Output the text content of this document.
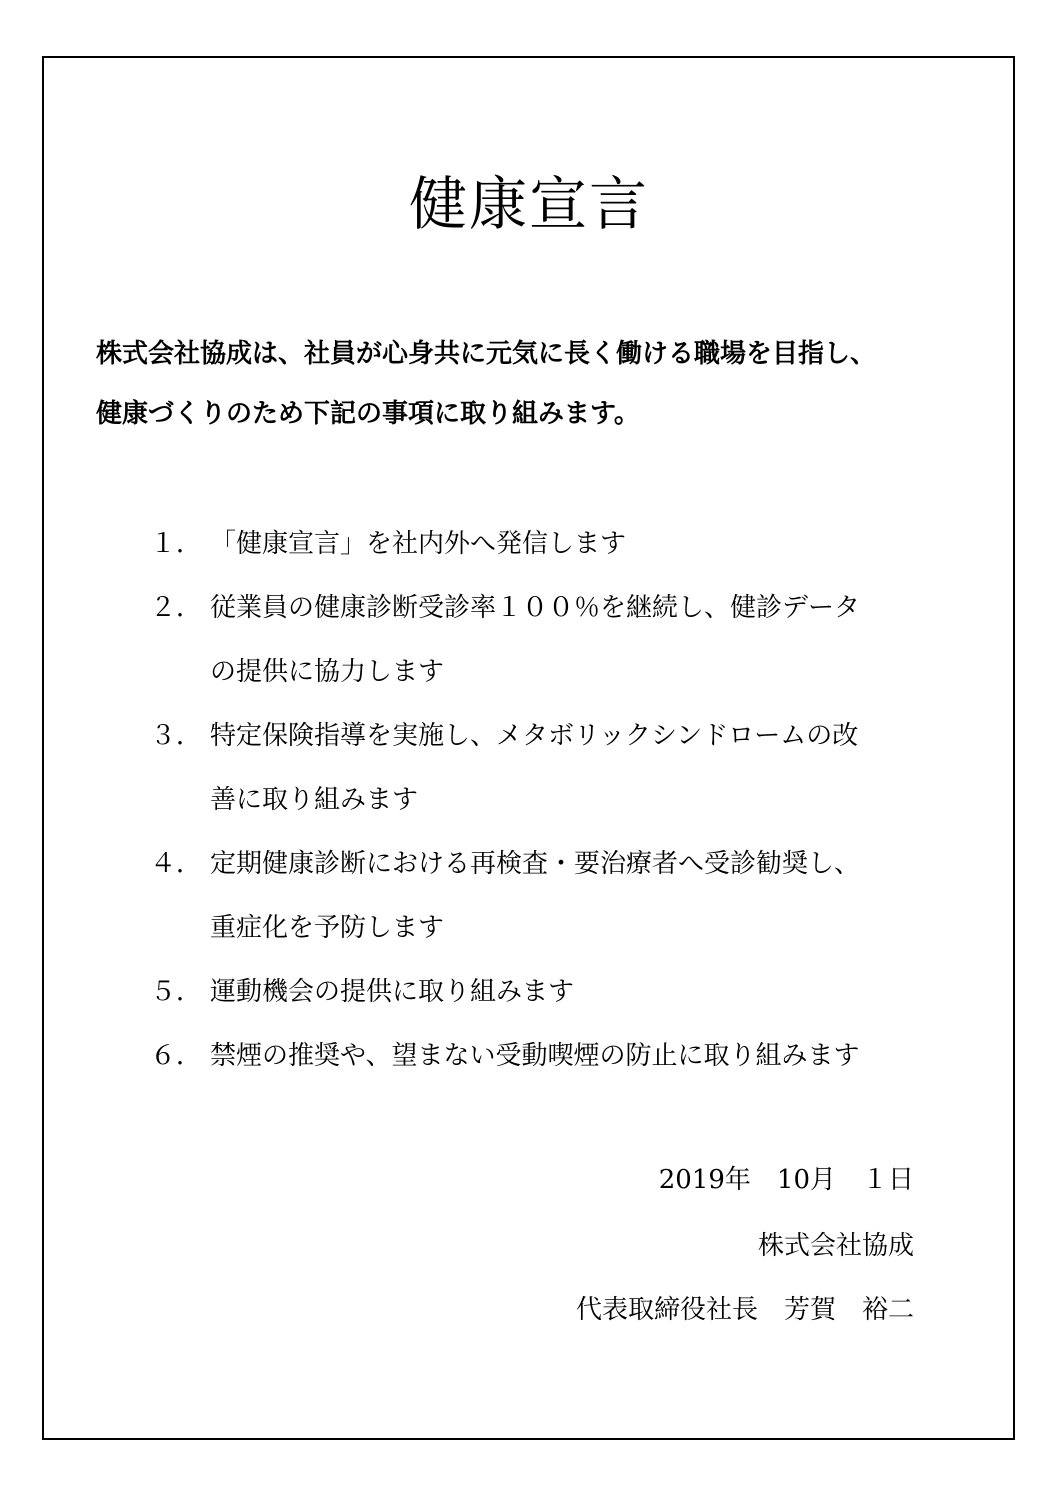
健康宣言
株式会社協成は、社員が心身共に元気に長く働ける職場を目指し、
健康づくりのため下記の事項に取り組みます。
１． 「健康宣言」を社内外へ発信します
２． 従業員の健康診断受診率１００％を継続し、健診データ
の提供に協力します
３． 特定保険指導を実施し、メタボリックシンドロームの改
善に取り組みます
４． 定期健康診断における再検査・要治療者へ受診勧奨し、
重症化を予防します
５． 運動機会の提供に取り組みます
６． 禁煙の推奨や、望まない受動喫煙の防止に取り組みます
2019年　10月　１日
株式会社協成
代表取締役社長　芳賀　裕二
